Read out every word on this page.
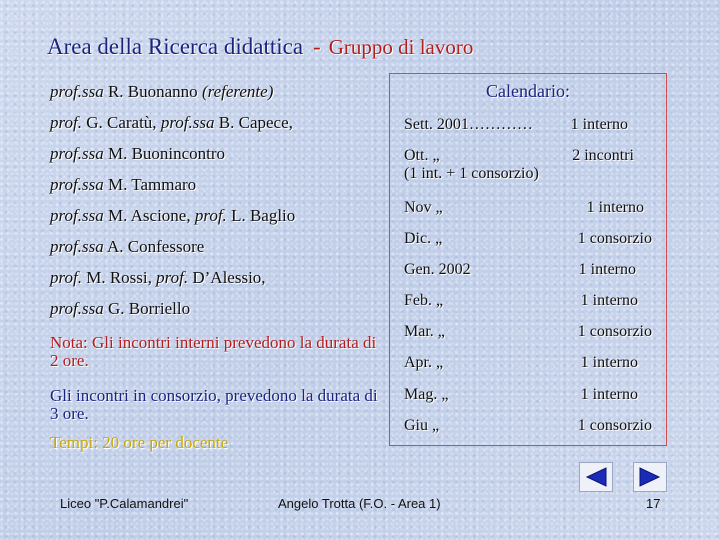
Area della Ricerca didattica - Gruppo di lavoro
prof.ssa R. Buonanno (referente)
prof. G. Caratù, prof.ssa B. Capece,
prof.ssa M. Buonincontro
prof.ssa M. Tammaro
prof.ssa M. Ascione, prof. L. Baglio
prof.ssa A. Confessore
prof. M. Rossi, prof. D’Alessio,
prof.ssa G. Borriello
Nota: Gli incontri interni prevedono la durata di 2 ore.
Gli incontri in consorzio, prevedono la durata di 3 ore.
Tempi: 20 ore per docente
Calendario:
Sett. 2001………… 1 interno
Ott. „	2 incontri
(1 int. + 1 consorzio)
Nov „	1 interno
Dic. „	1 consorzio
Gen. 2002	1 interno
Feb. „	1 interno
Mar. „	1 consorzio
Apr. „	1 interno
Mag. „	1 interno
Giu „	1 consorzio
Liceo "P.Calamandrei"	Angelo Trotta (F.O. - Area 1)	17
